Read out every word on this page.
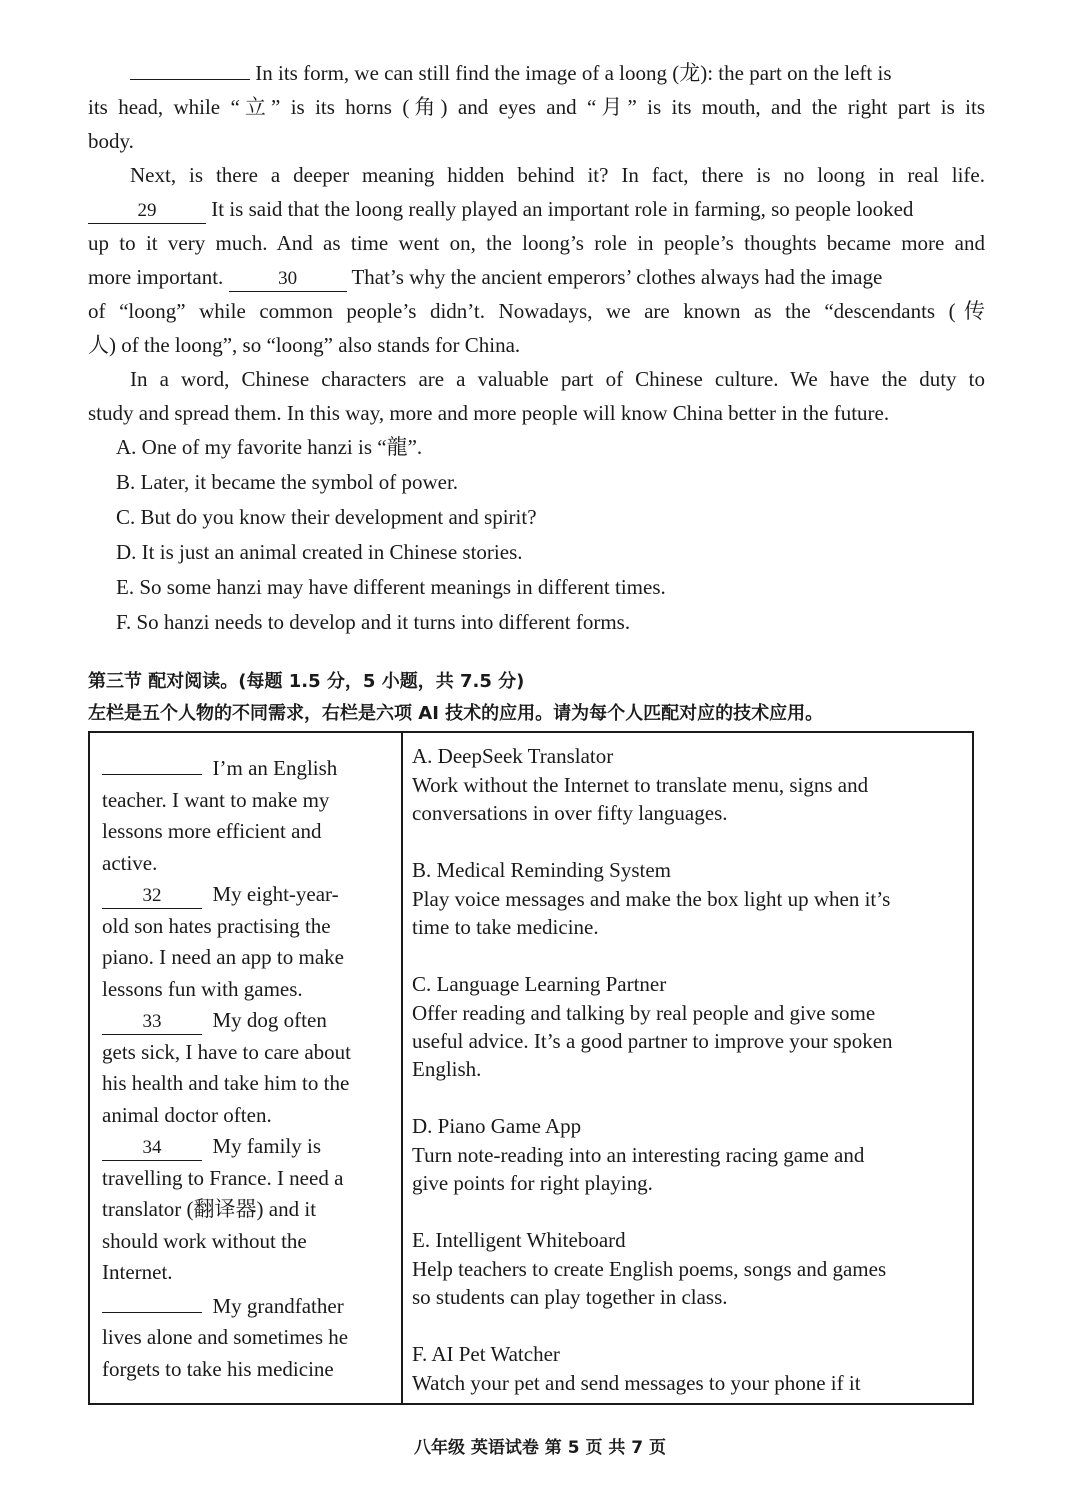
In its form, we can still find the image of a loong (龙): the part on the left is
its head, while “立” is its horns (角) and eyes and “月” is its mouth, and the right part is its
body.
Next, is there a deeper meaning hidden behind it? In fact, there is no loong in real life.
29	It is said that the loong really played an important role in farming, so people looked
up to it very much. And as time went on, the loong’s role in people’s thoughts became more and
more important.	30	That’s why the ancient emperors’ clothes always had the image
of “loong” while common people’s didn’t. Nowadays, we are known as the “descendants (传
人) of the loong”, so “loong” also stands for China.
In a word, Chinese characters are a valuable part of Chinese culture. We have the duty to
study and spread them. In this way, more and more people will know China better in the future.
A. One of my favorite hanzi is “龍”.
B. Later, it became the symbol of power.
C. But do you know their development and spirit?
D. It is just an animal created in Chinese stories.
E. So some hanzi may have different meanings in different times.
F. So hanzi needs to develop and it turns into different forms.
第三节 配对阅读。(每题 1.5 分，5 小题，共 7.5 分)
左栏是五个人物的不同需求，右栏是六项 AI 技术的应用。请为每个人匹配对应的技术应用。
I’m an English
teacher. I want to make my
lessons more efficient and
active.
32 My eight-year-
old son hates practising the
piano. I need an app to make
lessons fun with games.
33 My dog often
gets sick, I have to care about
his health and take him to the
animal doctor often.
34 My family is
travelling to France. I need a
translator (翻译器) and it
should work without the
Internet.
My grandfather
lives alone and sometimes he
forgets to take his medicine
A. DeepSeek Translator
Work without the Internet to translate menu, signs and
conversations in over fifty languages.
B. Medical Reminding System
Play voice messages and make the box light up when it’s
time to take medicine.
C. Language Learning Partner
Offer reading and talking by real people and give some
useful advice. It’s a good partner to improve your spoken
English.
D. Piano Game App
Turn note-reading into an interesting racing game and
give points for right playing.
E. Intelligent Whiteboard
Help teachers to create English poems, songs and games
so students can play together in class.
F. AI Pet Watcher
Watch your pet and send messages to your phone if it
八年级 英语试卷 第 5 页 共 7 页
